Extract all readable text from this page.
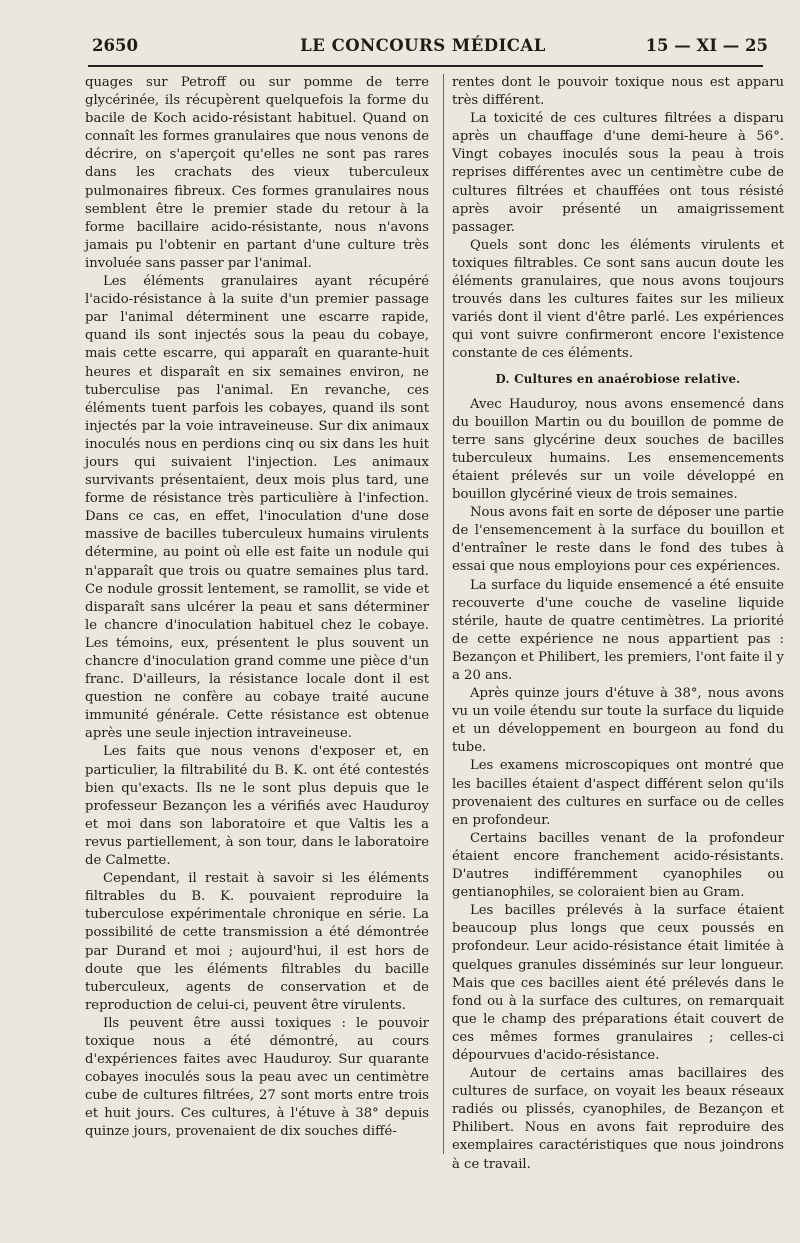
2650	LE CONCOURS MÉDICAL	15 — XI — 25

quages sur Petroff ou sur pomme de terre glycérinée, ils récupèrent quelquefois la forme du bacile de Koch acido-résistant habituel. Quand on connaît les formes granulaires que nous venons de décrire, on s'aperçoit qu'elles ne sont pas rares dans les crachats des vieux tuberculeux pulmonaires fibreux. Ces formes granulaires nous semblent être le premier stade du retour à la forme bacillaire acido-résistante, nous n'avons jamais pu l'obtenir en partant d'une culture très involuée sans passer par l'animal.

Les éléments granulaires ayant récupéré l'acido-résistance à la suite d'un premier passage par l'animal déterminent une escarre rapide, quand ils sont injectés sous la peau du cobaye, mais cette escarre, qui apparaît en quarante-huit heures et disparaît en six semaines environ, ne tuberculise pas l'animal. En revanche, ces éléments tuent parfois les cobayes, quand ils sont injectés par la voie intraveineuse. Sur dix animaux inoculés nous en perdions cinq ou six dans les huit jours qui suivaient l'injection. Les animaux survivants présentaient, deux mois plus tard, une forme de résistance très particulière à l'infection. Dans ce cas, en effet, l'inoculation d'une dose massive de bacilles tuberculeux humains virulents détermine, au point où elle est faite un nodule qui n'apparaît que trois ou quatre semaines plus tard. Ce nodule grossit lentement, se ramollit, se vide et disparaît sans ulcérer la peau et sans déterminer le chancre d'inoculation habituel chez le cobaye. Les témoins, eux, présentent le plus souvent un chancre d'inoculation grand comme une pièce d'un franc. D'ailleurs, la résistance locale dont il est question ne confère au cobaye traité aucune immunité générale. Cette résistance est obtenue après une seule injection intraveineuse.

Les faits que nous venons d'exposer et, en particulier, la filtrabilité du B. K. ont été contestés bien qu'exacts. Ils ne le sont plus depuis que le professeur Bezançon les a vérifiés avec Hauduroy et moi dans son laboratoire et que Valtis les a revus partiellement, à son tour, dans le laboratoire de Calmette.

Cependant, il restait à savoir si les éléments filtrables du B. K. pouvaient reproduire la tuberculose expérimentale chronique en série. La possibilité de cette transmission a été démontrée par Durand et moi ; aujourd'hui, il est hors de doute que les éléments filtrables du bacille tuberculeux, agents de conservation et de reproduction de celui-ci, peuvent être virulents.

Ils peuvent être aussi toxiques : le pouvoir toxique nous a été démontré, au cours d'expériences faites avec Hauduroy. Sur quarante cobayes inoculés sous la peau avec un centimètre cube de cultures filtrées, 27 sont morts entre trois et huit jours. Ces cultures, à l'étuve à 38° depuis quinze jours, provenaient de dix souches diffé-

rentes dont le pouvoir toxique nous est apparu très différent.

La toxicité de ces cultures filtrées a disparu après un chauffage d'une demi-heure à 56°. Vingt cobayes inoculés sous la peau à trois reprises différentes avec un centimètre cube de cultures filtrées et chauffées ont tous résisté après avoir présenté un amaigrissement passager.

Quels sont donc les éléments virulents et toxiques filtrables. Ce sont sans aucun doute les éléments granulaires, que nous avons toujours trouvés dans les cultures faites sur les milieux variés dont il vient d'être parlé. Les expériences qui vont suivre confirmeront encore l'existence constante de ces éléments.

D. Cultures en anaérobiose relative.

Avec Hauduroy, nous avons ensemencé dans du bouillon Martin ou du bouillon de pomme de terre sans glycérine deux souches de bacilles tuberculeux humains. Les ensemencements étaient prélevés sur un voile développé en bouillon glycériné vieux de trois semaines.

Nous avons fait en sorte de déposer une partie de l'ensemencement à la surface du bouillon et d'entraîner le reste dans le fond des tubes à essai que nous employions pour ces expériences.

La surface du liquide ensemencé a été ensuite recouverte d'une couche de vaseline liquide stérile, haute de quatre centimètres. La priorité de cette expérience ne nous appartient pas : Bezançon et Philibert, les premiers, l'ont faite il y a 20 ans.

Après quinze jours d'étuve à 38°, nous avons vu un voile étendu sur toute la surface du liquide et un développement en bourgeon au fond du tube.

Les examens microscopiques ont montré que les bacilles étaient d'aspect différent selon qu'ils provenaient des cultures en surface ou de celles en profondeur.

Certains bacilles venant de la profondeur étaient encore franchement acido-résistants. D'autres indifféremment cyanophiles ou gentianophiles, se coloraient bien au Gram.

Les bacilles prélevés à la surface étaient beaucoup plus longs que ceux poussés en profondeur. Leur acido-résistance était limitée à quelques granules disséminés sur leur longueur. Mais que ces bacilles aient été prélevés dans le fond ou à la surface des cultures, on remarquait que le champ des préparations était couvert de ces mêmes formes granulaires ; celles-ci dépourvues d'acido-résistance.

Autour de certains amas bacillaires des cultures de surface, on voyait les beaux réseaux radiés ou plissés, cyanophiles, de Bezançon et Philibert. Nous en avons fait reproduire des exemplaires caractéristiques que nous joindrons à ce travail.
